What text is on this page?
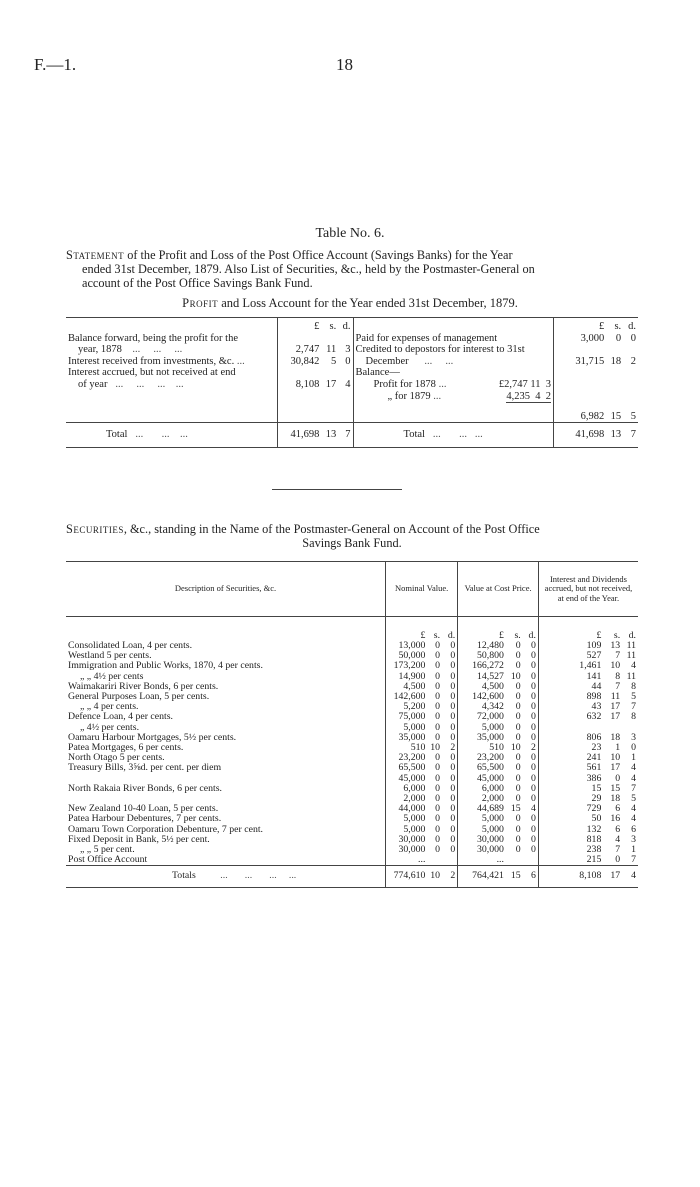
F.—1.	18
Table No. 6.
Statement of the Profit and Loss of the Post Office Account (Savings Banks) for the Year
ended 31st December, 1879. Also List of Securities, &c., held by the Postmaster-General on
account of the Post Office Savings Bank Fund.
Profit and Loss Account for the Year ended 31st December, 1879.
	£	s.	d.		£	s.	d.
Balance forward, being the profit for the				Paid for expenses of management	3,000	0	0
year, 1878    ...     ...     ...	2,747	11	3	Credited to depostors for interest to 31st			
Interest received from investments, &c. ...	30,842	5	0	December      ...     ...	31,715	18	2
Interest accrued, but not received at end				Balance—			
of year   ...     ...     ...    ...	8,108	17	4	Profit for 1878 ... £2,747 11 3			

				„ for 1879 ... 4,235 4 2			

					6,982	15	5
Total   ...       ...    ...	41,698	13	7	Total   ...       ...   ...	41,698	13	7
Securities, &c., standing in the Name of the Postmaster-General on Account of the Post Office
Savings Bank Fund.
Description of Securities, &c.	Nominal Value.			Value at Cost Price.			Interest and Dividends accrued, but not received, at end of the Year.		
	£	s.	d.	£	s.	d.	£	s.	d.
Consolidated Loan, 4 per cents.	13,000	0	0	12,480	0	0	109	13	11
Westland 5 per cents.	50,000	0	0	50,800	0	0	527	7	11
Immigration and Public Works, 1870, 4 per cents.	173,200	0	0	166,272	0	0	1,461	10	4
„ „ 4½ per cents	14,900	0	0	14,527	10	0	141	8	11
Waimakariri River Bonds, 6 per cents.	4,500	0	0	4,500	0	0	44	7	8
General Purposes Loan, 5 per cents.	142,600	0	0	142,600	0	0	898	11	5
„ „ 4 per cents.	5,200	0	0	4,342	0	0	43	17	7
Defence Loan, 4 per cents.	75,000	0	0	72,000	0	0	632	17	8
„ 4½ per cents.	5,000	0	0	5,000	0	0			
Oamaru Harbour Mortgages, 5½ per cents.	35,000	0	0	35,000	0	0	806	18	3
Patea Mortgages, 6 per cents.	510	10	2	510	10	2	23	1	0
North Otago 5 per cents.	23,200	0	0	23,200	0	0	241	10	1
Treasury Bills, 3⅝d. per cent. per diem	65,500	0	0	65,500	0	0	561	17	4
	45,000	0	0	45,000	0	0	386	0	4
North Rakaia River Bonds, 6 per cents.	6,000	0	0	6,000	0	0	15	15	7
	2,000	0	0	2,000	0	0	29	18	5
New Zealand 10-40 Loan, 5 per cents.	44,000	0	0	44,689	15	4	729	6	4
Patea Harbour Debentures, 7 per cents.	5,000	0	0	5,000	0	0	50	16	4
Oamaru Town Corporation Debenture, 7 per cent.	5,000	0	0	5,000	0	0	132	6	6
Fixed Deposit in Bank, 5½ per cent.	30,000	0	0	30,000	0	0	818	4	3
„ „ 5 per cent.	30,000	0	0	30,000	0	0	238	7	1
Post Office Account	...			...			215	0	7
Totals          ...       ...       ...     ...	774,610	10	2	764,421	15	6	8,108	17	4
